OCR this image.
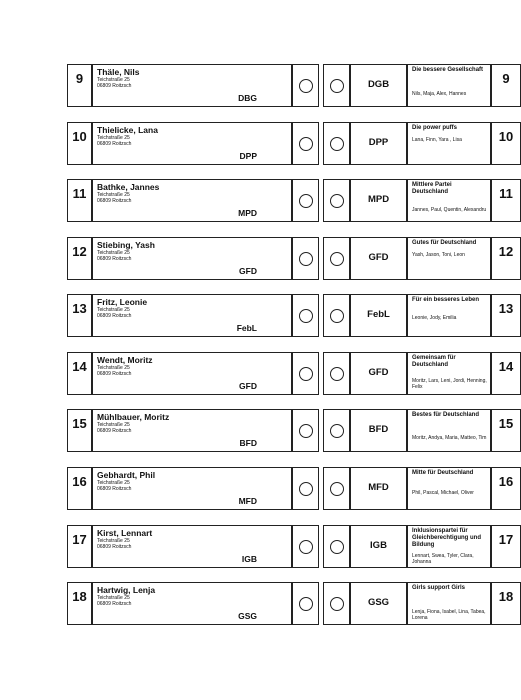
9	Thäle, Nils
Teichstraße 25
06809 Roitzsch
DBG
DGB
Die bessere Gesellschaft
Nils, Maja, Alex, Hannes
9
10	Thielicke, Lana
Teichstraße 25
06809 Roitzsch
DPP
DPP
Die power puffs
Lana, Finn, Yara , Lisa	10
11	Bathke, Jannes
Teichstraße 25
06809 Roitzsch
MPD
MPD
Mittlere Partei Deutschland
Jannes, Paul, Quentin, Alexandru
11
12	Stiebing, Yash
Teichstraße 25
06809 Roitzsch
GFD
GFD
Gutes für Deutschland
Yash, Jason, Toni, Leon	12
13	Fritz, Leonie
Teichstraße 25
06809 Roitzsch
FebL
FebL
Für ein besseres Leben
Leonie, Jody, Emilia
13
14	Wendt, Moritz
Teichstraße 25
06809 Roitzsch
GFD
GFD
Gemeinsam für Deutschland
Moritz, Lars, Leni, Jordi, Henning, Felix
14
15	Mühlbauer, Moritz
Teichstraße 25
06809 Roitzsch
BFD
BFD
Bestes für Deutschland
Moritz, Andya, Maria, Matteo, Tim
15
16	Gebhardt, Phil
Teichstraße 25
06809 Roitzsch
MFD
MFD
Mitte für Deutschland
Phil, Pascal, Michael, Oliver
16
17	Kirst, Lennart
Teichstraße 25
06809 Roitzsch
IGB
IGB
Inklusionspartei für Gleichberechtigung und Bildung
Lennart, Swea, Tyler, Clara, Johanna
17
18	Hartwig, Lenja
Teichstraße 25
06809 Roitzsch
GSG
GSG
Girls support Girls
Lenja, Fiona, Isabel, Lina, Tabea, Lorena
18
